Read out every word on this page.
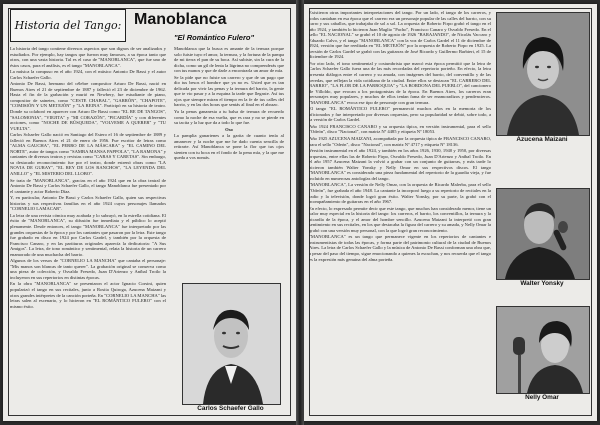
Historia del Tango: Manoblanca
"El Romántico Fulero"

La historia del tango contiene diversos aspectos que son dignos de ser analizados y estudiados. Por ejemplo, hay tangos que fueron muy famosos, a su época tanto que otros, con una vasta historia. Tal es el caso de "MANOBLANCA", que fue uno de éstos casos, para el análisis, es el tango "MANOBLANCA".

La música la compuso en el año 1924, con el músico Antonio De Bassi y el autor Carlos Schaefer Gallo.

Antonio De Bassi, hermano del célebre compositor Arturo De Bassi, nació en Buenos Aires el 21 de septiembre de 1887 y falleció el 23 de diciembre de 1962. Hasta el fin de la grabación y murió en Newbery, fue estudiante de piano, compositor de sainetes, como "CESTE CHABAL", "GARRÓN", "CHAPOTE", "COMISIÓN Y UN METEJÓN" y "LA REINA". Participó en su historia de teatro. Donde su colaboró en aparecer con Arturo De Bassi como "EL RE DE TANGOS", "SALOMONIA", "VIEJITA" y "MI CORAZÓN", "PICARDÍA" y con diferentes acciones, como "NOCHE DE BÚSQUEDA", "VOLVEME A QUERER" y "TU VUELTA".

Carlos Schaefer Gallo nació en Santiago del Estero el 16 de septiembre de 1889 y falleció en Buenos Aires el 21 de enero de 1956. Fue escritor de letras como "ALMA GAUCHA", "EL PERRO DE LA MÁSCARA" y "EL CAMINO DEL NORTE", autor de tangos como "SAMBA MANSA PAPPOLA", "LA RAMONA" y cantantes de diversos teatros y revistas como "CARAS Y CARETAS". Sin embargo, su destacado reconocimiento fue por el teatro, donde estrenó obras como "LA NOVIA DE GURAY", "EL REY DE LOS RANCHOS", "LA LEYENDA DEL ANILLO" y "EL MISTERIO DEL LLOBO".

Se trata de "MANOBLANCA", gracias en el año 1924 que en la obra teatral de Antonio De Bassi y Carlos Schaefer Gallo, el tango Manoblanca fue presentado por el cantante y actor Roberto Díaz.

Y, en particular, Antonio De Bassi y Carlos Schaefer Gallo, quien sus respectivas historias y sus respectivas familias en el año 1924 cuyos personajes llamados "CORNELIO LAMACAR".

La letra de una revista cómica muy acabada y lo subrayó, en la estrella cotidiana. El éxito de "MANOBLANCA", su difusión fue inmediata y el público lo aceptó plenamente. Desde entonces, el tango "MANOBLANCA" fue interpretado por las grandes orquestas de la época y por los cantantes que pasaron por la letra. Este tango fue grabado en disco en 1924 por Carlos Gardel, y también por la orquesta de Francisco Canaro, y en las partituras originales aparecía la dedicatoria: "A Sus Amigos". La letra, de tono romántico y sentimental, relata la historia de un carrero enamorado de una muchacha del barrio.

Algunos de los versos de "CORNELIO LA MANCHA" que cantaba el personaje: "Mis manos son blancas de tanto querer". La grabación original se conserva como una pieza de colección, y Osvaldo Fresedo, Juan D'Arienzo y Aníbal Troilo la incluyeron en sus repertorios en distintas épocas.

En la obra "MANOBLANCA" se presentaron el actor Ignacio Corsini, quien popularizó el tango en sus recitales, junto a Rosita Quiroga, Azucena Maizani y otros grandes intérpretes de la canción porteña. En "CORNELIO LA MANCHA" las letras salen al escenario, y lo hicieron en "EL ROMÁNTICO FULERO" con el mismo éxito.

Manoblanca que la busca es amante de la ternura porque solo fuiste tuyo el amor, la ternura, y la fortuna de la pampa de mi tierra el pan de su boca. Así subiste, sin la cura de la dicha, como un gil de lenta la lágrima no comprenderás que con tus manos y que de darle a encontrarla un amor de mía.

Se la pide que no fuiste un carrero y que de un pago que dio tus besos el hombre que ya no es. Usted que es tan delicada por vivir las penas y la ternura del barrio, la gente que te vio pasar y a la esquina la tarde que llegaste. Así tus ojos que siempre miran el tiempo en la fe de tus calles del barrio, y en las dos horas que sentás al final en el abrazo.

Ya la penas gananesta a tu balsa de ternura de recuerdo como la noche de esa vuelta, que es rara y no se pierde en su tacita y la luz que da a todo lo que fue.

Oso

La pamplia ganarienes a la garita de cuanto tenía al amanecer y la noche que me he dado cuenta sencilla de retirarte. Así Manoblanca se pone la flor que tus ojos sienten con tu boca en el fondo de la pena mía, y la que me queda a vos nomás.

Carlos Schaefer Gallo

Existieron otras importantes interpretaciones del tango. Por un lado, el tango de los carreros, y todos cantaban en esa época que el carrero era un personaje popular de las calles del barrio, con su carro y sus caballos, que trabajaba de sol a sol. La orquesta de Roberto Firpo grabó el tango en el año 1924, y también lo hicieron Juan Maglio "Pacho", Francisco Canaro y Osvaldo Fresedo. En el sello "EL NACIONAL" se grabó el 10 de agosto de 1926 "BARAJANDO", de Nicolás Vaccaro y Eduardo Calvo, y el tango "MANOBLANCA" con la voz de Carlos Gardel el 11 de diciembre de 1924, versión que fue reeditada en "EL METEJÓN" por la orquesta de Roberto Firpo en 1925. La versión de Carlos Gardel se grabó con las guitarras de José Ricardo y Guillermo Barbieri, el 15 de diciembre de 1924.

Por otro lado, el tono sentimental y costumbrista que marcó esta época permitió que la letra de Carlos Schaefer Gallo fuera una de las más recordadas del repertorio porteño. En efecto, la letra presenta diálogos entre el carrero y su amada, con imágenes del barrio, del conventillo y de las veredas, que reflejan la vida cotidiana de la ciudad. Entre ellos se destacan "EL CARRERO DEL BARRIO", "LA FLOR DE LA PARROQUIA" y "LA BORDONA DEL PUEBLO", del cancionero de Villoldo, que evocan a los protagonistas de la época. En Buenos Aires, los carreros eran personajes muy populares, y muchos de ellos tenían fama de ser enamoradizos y pendencieros. "MANOBLANCA" evoca ese tipo de personaje con gran ternura.

El tango "EL ROMÁNTICO FULERO" permaneció muchos años en la memoria de los aficionados y fue interpretado por diversas orquestas, pero su popularidad se debió, sobre todo, a la versión de Carlos Gardel.

Año 1924 FRANCISCO CANARO y su orquesta típica, en versión instrumental, para el sello "Odeón", disco "Nacional", con matriz Nº 4485 y etiqueta Nº 18053.

Año 1925 AZUCENA MAIZANI, acompañada por la orquesta típica de FRANCISCO CANARO, para el sello "Odeón", disco "Nacional", con matriz Nº 4717 y etiqueta Nº 18136.

Versión instrumental en el año 1924, y también en los años 1926, 1930, 1940 y 1950, por diversas orquestas, entre ellas las de Roberto Firpo, Osvaldo Fresedo, Juan D'Arienzo y Aníbal Troilo. En el año 1957 Azucena Maizani la volvió a grabar con un conjunto de guitarras, y más tarde lo hicieron también Walter Yonsky y Nelly Omar en sus respectivos discos. El tango "MANOBLANCA" es considerado una pieza fundamental del repertorio de la guardia vieja, y fue incluido en numerosas antologías del tango.

"MANOBLANCA", La versión de Nelly Omar, con la orquesta de Ricardo Malerba, para el sello "Odeón", fue grabada el año 1948. La cantante la incorporó luego a su repertorio de recitales en la radio y la televisión, donde logró gran éxito. Walter Yonsky, por su parte, la grabó con el acompañamiento de guitarras en el año 1967.

En efecto, lo expresado permite decir que este tango, que muchos han considerado menor, tiene un valor muy especial en la historia del tango: los carreros, el barrio, los conventillos, la ternura y la picardía de la época, y el amor del hombre sencillo. Azucena Maizani la interpretó con gran sentimiento en sus recitales, en los que destacaba la figura del carrero y su amada, y Nelly Omar la grabó con una versión muy personal, con la que logró gran reconocimiento.

"MANOBLANCA" es un tango que permanece vigente en los repertorios de cantantes e instrumentistas de todas las épocas, y forma parte del patrimonio cultural de la ciudad de Buenos Aires. La letra de Carlos Schaefer Gallo y la música de Antonio De Bassi conforman una obra que, a pesar del paso del tiempo, sigue emocionando a quienes la escuchan, y nos recuerda que el tango es la expresión más genuina del alma porteña.

Azucena Maizani
Walter Yonsky
Nelly Omar
